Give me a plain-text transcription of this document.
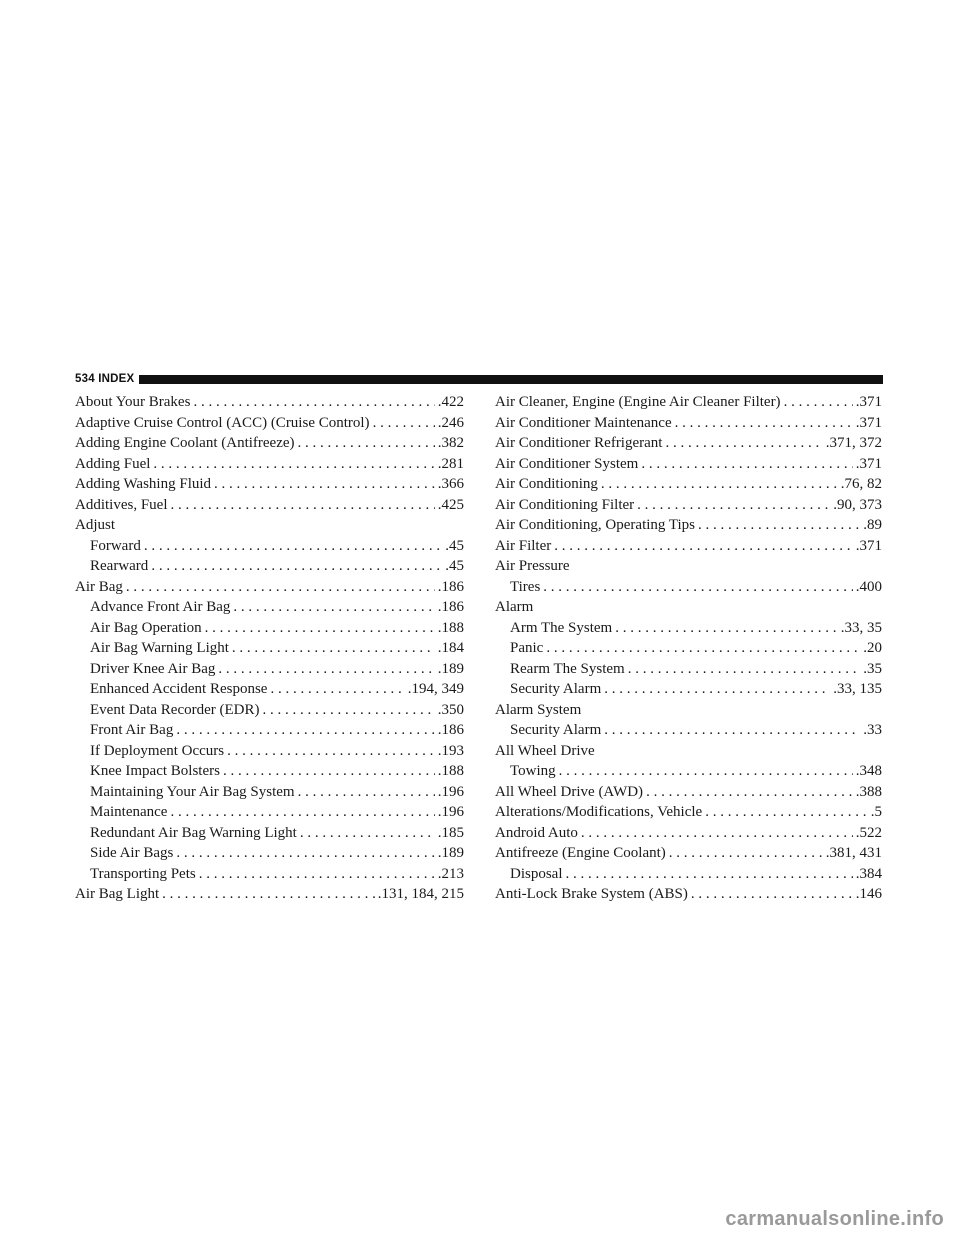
534 INDEX
About Your Brakes . . .	.422
Adaptive Cruise Control (ACC) (Cruise Control) . . .	.246
Adding Engine Coolant (Antifreeze) . . .	.382
Adding Fuel . . .	.281
Adding Washing Fluid . . .	.366
Additives, Fuel . . .	.425
Adjust
Forward . . .	.45
Rearward . . .	.45
Air Bag . . .	.186
Advance Front Air Bag . . .	.186
Air Bag Operation . . .	.188
Air Bag Warning Light . . .	.184
Driver Knee Air Bag . . .	.189
Enhanced Accident Response . . .	.194, 349
Event Data Recorder (EDR) . . .	.350
Front Air Bag . . .	.186
If Deployment Occurs . . .	.193
Knee Impact Bolsters . . .	.188
Maintaining Your Air Bag System . . .	.196
Maintenance . . .	.196
Redundant Air Bag Warning Light . . .	.185
Side Air Bags . . .	.189
Transporting Pets . . .	.213
Air Bag Light . . .	.131, 184, 215
Air Cleaner, Engine (Engine Air Cleaner Filter) . . .	.371
Air Conditioner Maintenance . . .	.371
Air Conditioner Refrigerant . . .	.371, 372
Air Conditioner System . . .	.371
Air Conditioning . . .	.76, 82
Air Conditioning Filter . . .	.90, 373
Air Conditioning, Operating Tips . . .	.89
Air Filter . . .	.371
Air Pressure
Tires . . .	.400
Alarm
Arm The System . . .	.33, 35
Panic . . .	.20
Rearm The System . . .	.35
Security Alarm . . .	.33, 135
Alarm System
Security Alarm . . .	.33
All Wheel Drive
Towing . . .	.348
All Wheel Drive (AWD) . . .	.388
Alterations/Modifications, Vehicle . . .	.5
Android Auto . . .	.522
Antifreeze (Engine Coolant) . . .	.381, 431
Disposal . . .	.384
Anti-Lock Brake System (ABS) . . .	.146
carmanualsonline.info
